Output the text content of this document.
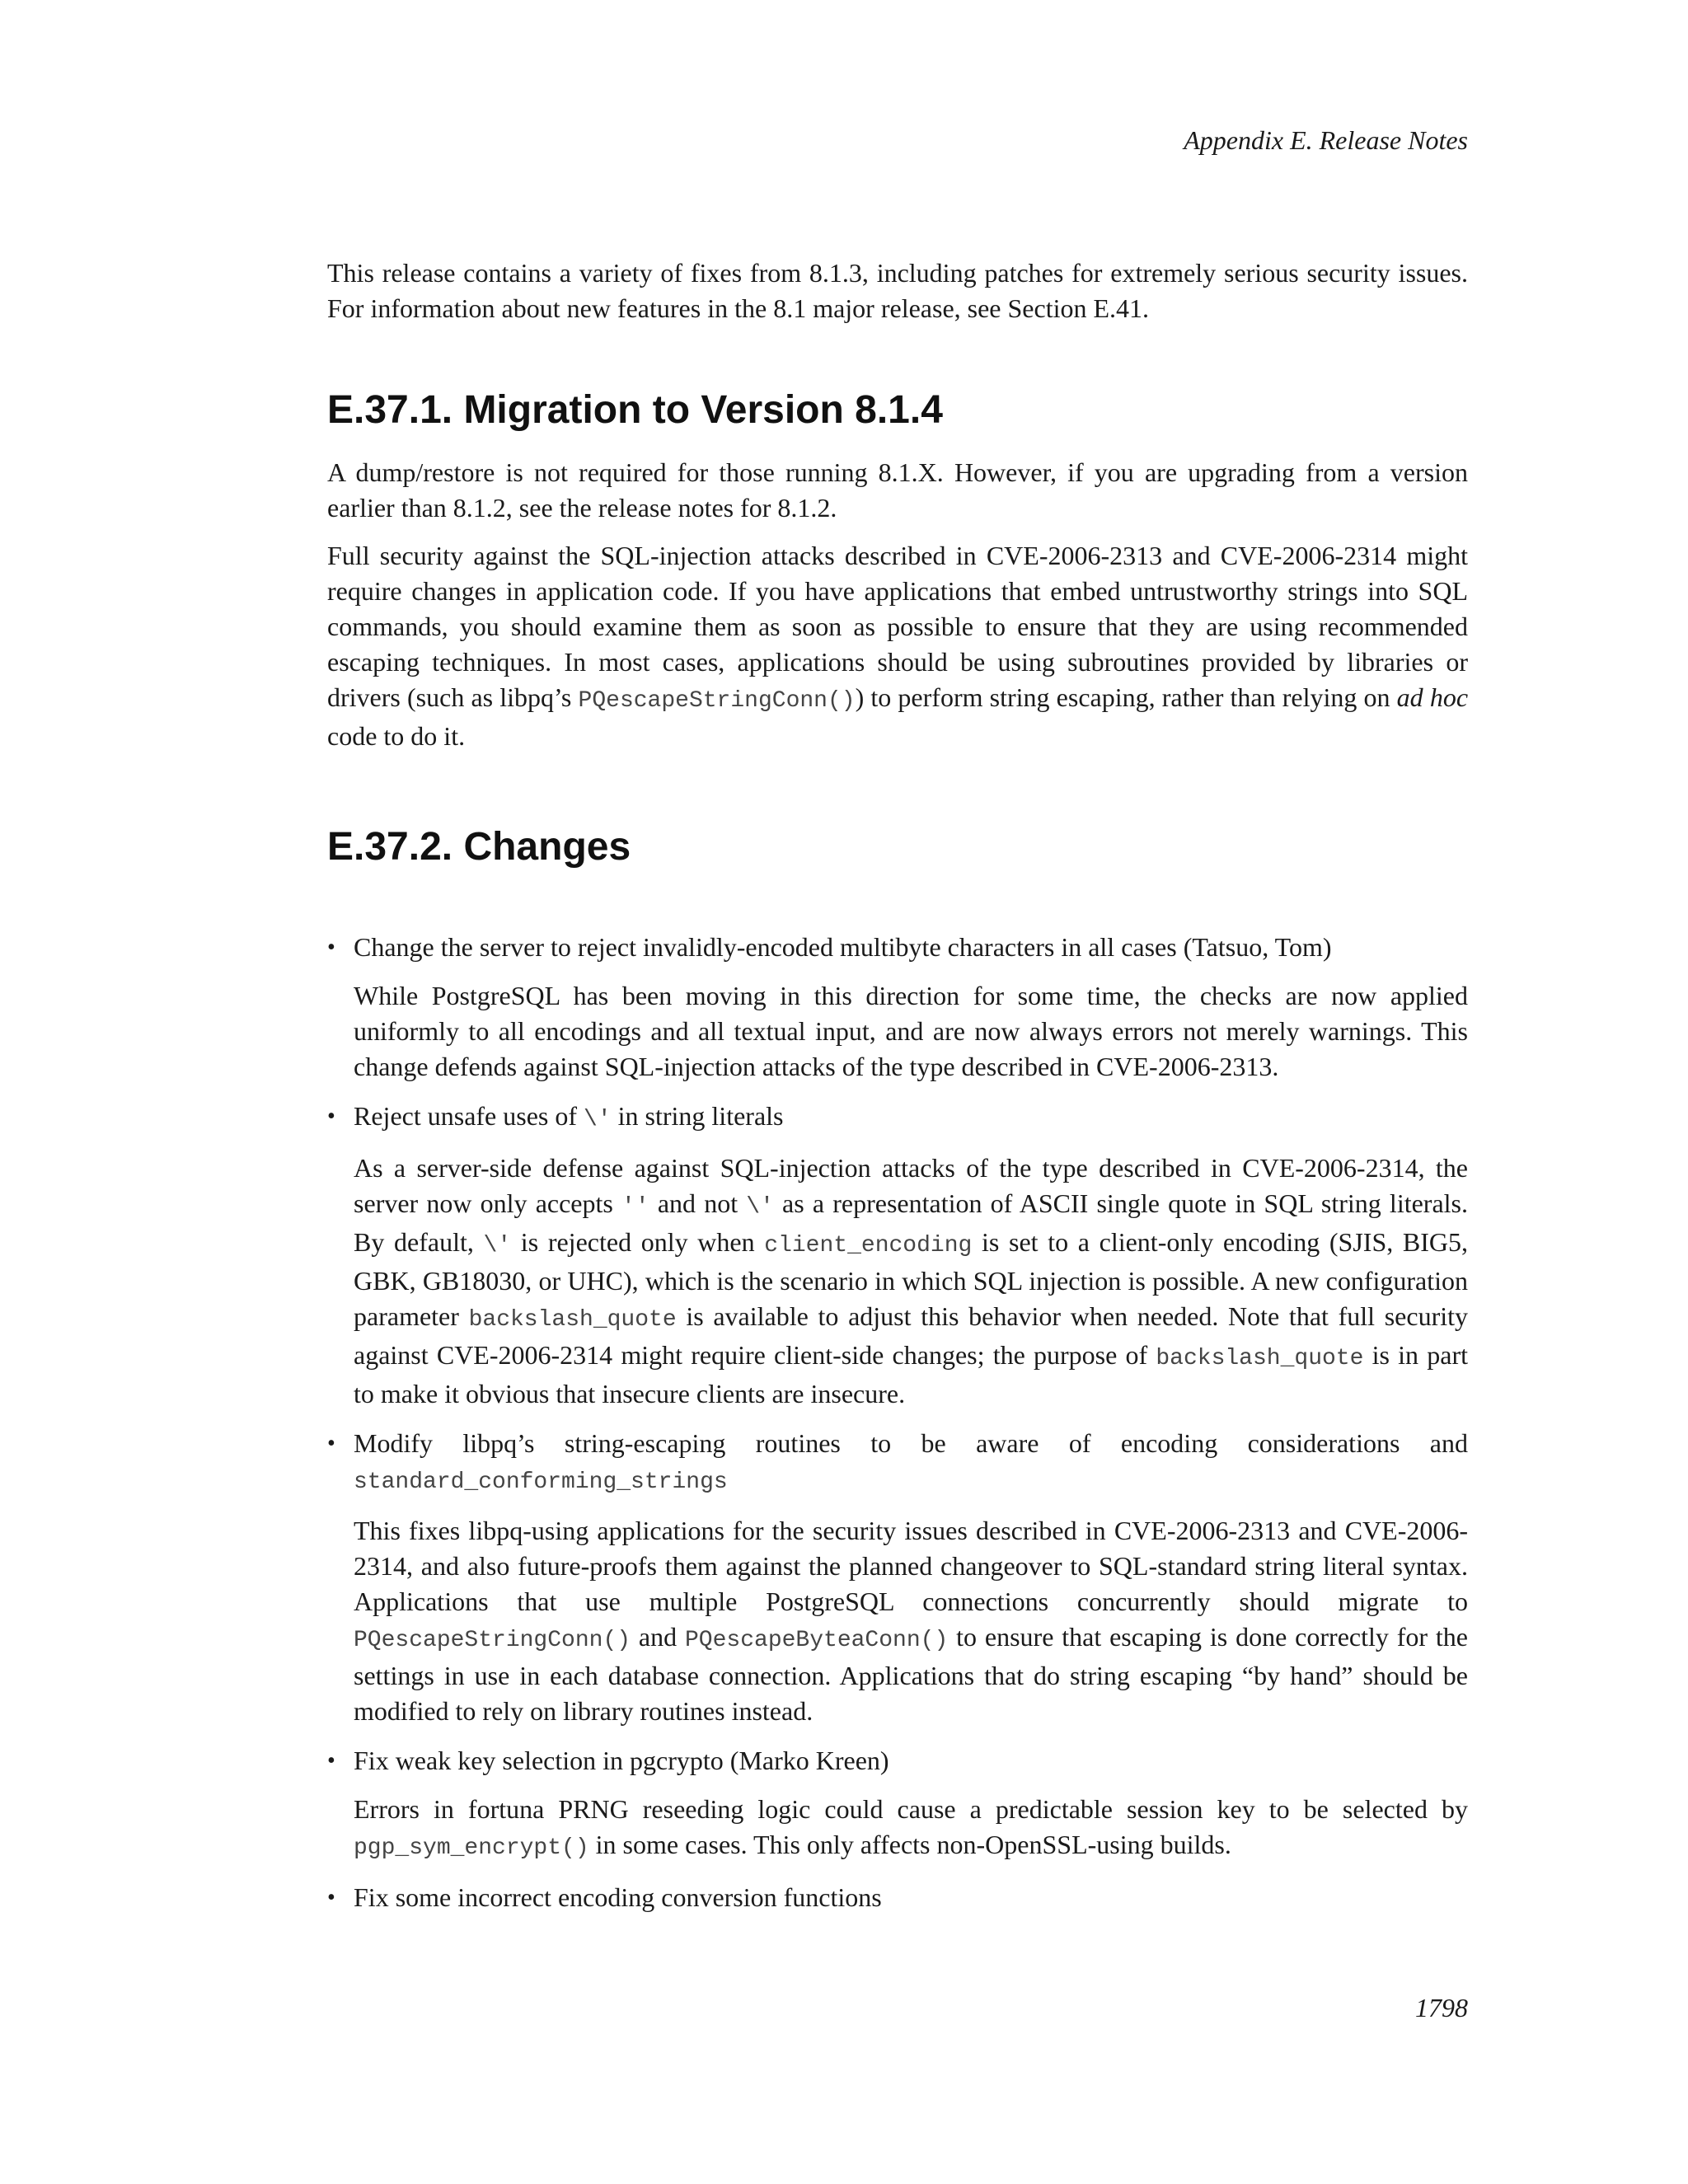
Appendix E. Release Notes

This release contains a variety of fixes from 8.1.3, including patches for extremely serious security issues.

For information about new features in the 8.1 major release, see Section E.41.

E.37.1. Migration to Version 8.1.4

A dump/restore is not required for those running 8.1.X. However, if you are upgrading from a version earlier than 8.1.2, see the release notes for 8.1.2.

Full security against the SQL-injection attacks described in CVE-2006-2313 and CVE-2006-2314 might require changes in application code. If you have applications that embed untrustworthy strings into SQL commands, you should examine them as soon as possible to ensure that they are using recommended escaping techniques. In most cases, applications should be using subroutines provided by libraries or drivers (such as libpq’s PQescapeStringConn()) to perform string escaping, rather than relying on ad hoc code to do it.

E.37.2. Changes
• Change the server to reject invalidly-encoded multibyte characters in all cases (Tatsuo, Tom)

While PostgreSQL has been moving in this direction for some time, the checks are now applied uniformly to all encodings and all textual input, and are now always errors not merely warnings. This change defends against SQL-injection attacks of the type described in CVE-2006-2313.

• Reject unsafe uses of \' in string literals

As a server-side defense against SQL-injection attacks of the type described in CVE-2006-2314, the server now only accepts '' and not \' as a representation of ASCII single quote in SQL string literals. By default, \' is rejected only when client_encoding is set to a client-only encoding (SJIS, BIG5, GBK, GB18030, or UHC), which is the scenario in which SQL injection is possible. A new configuration parameter backslash_quote is available to adjust this behavior when needed. Note that full security against CVE-2006-2314 might require client-side changes; the purpose of backslash_quote is in part to make it obvious that insecure clients are insecure.

• Modify libpq’s string-escaping routines to be aware of encoding considerations and

standard_conforming_strings

This fixes libpq-using applications for the security issues described in CVE-2006-2313 and CVE-2006-2314, and also future-proofs them against the planned changeover to SQL-standard string literal syntax. Applications that use multiple PostgreSQL connections concurrently should migrate to PQescapeStringConn() and PQescapeByteaConn() to ensure that escaping is done correctly for the settings in use in each database connection. Applications that do string escaping “by hand” should be modified to rely on library routines instead.

• Fix weak key selection in pgcrypto (Marko Kreen)

Errors in fortuna PRNG reseeding logic could cause a predictable session key to be selected by pgp_sym_encrypt() in some cases. This only affects non-OpenSSL-using builds.

• Fix some incorrect encoding conversion functions

1798
